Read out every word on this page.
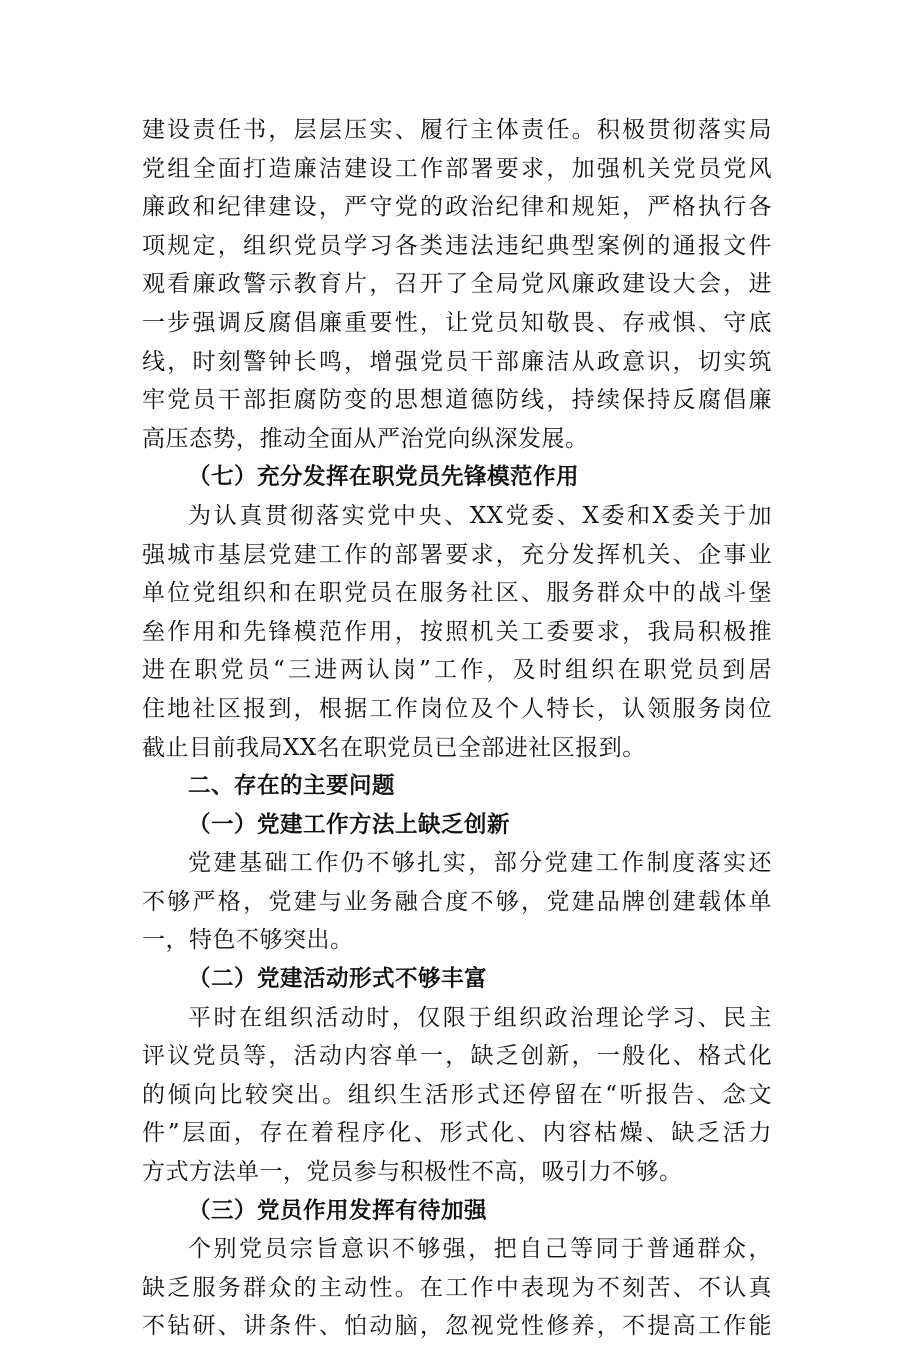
建设责任书，层层压实、履行主体责任。积极贯彻落实局
党组全面打造廉洁建设工作部署要求，加强机关党员党风
廉政和纪律建设，严守党的政治纪律和规矩，严格执行各
项规定，组织党员学习各类违法违纪典型案例的通报文件
观看廉政警示教育片，召开了全局党风廉政建设大会，进
一步强调反腐倡廉重要性，让党员知敬畏、存戒惧、守底
线，时刻警钟长鸣，增强党员干部廉洁从政意识，切实筑
牢党员干部拒腐防变的思想道德防线，持续保持反腐倡廉
高压态势，推动全面从严治党向纵深发展。
（七）充分发挥在职党员先锋模范作用
为认真贯彻落实党中央、XX党委、X委和X委关于加
强城市基层党建工作的部署要求，充分发挥机关、企事业
单位党组织和在职党员在服务社区、服务群众中的战斗堡
垒作用和先锋模范作用，按照机关工委要求，我局积极推
进在职党员“三进两认岗”工作，及时组织在职党员到居
住地社区报到，根据工作岗位及个人特长，认领服务岗位
截止目前我局XX名在职党员已全部进社区报到。
二、存在的主要问题
（一）党建工作方法上缺乏创新
党建基础工作仍不够扎实，部分党建工作制度落实还
不够严格，党建与业务融合度不够，党建品牌创建载体单
一，特色不够突出。
（二）党建活动形式不够丰富
平时在组织活动时，仅限于组织政治理论学习、民主
评议党员等，活动内容单一，缺乏创新，一般化、格式化
的倾向比较突出。组织生活形式还停留在“听报告、念文
件”层面，存在着程序化、形式化、内容枯燥、缺乏活力
方式方法单一，党员参与积极性不高，吸引力不够。
（三）党员作用发挥有待加强
个别党员宗旨意识不够强，把自己等同于普通群众，
缺乏服务群众的主动性。在工作中表现为不刻苦、不认真
不钻研、讲条件、怕动脑，忽视党性修养，不提高工作能
